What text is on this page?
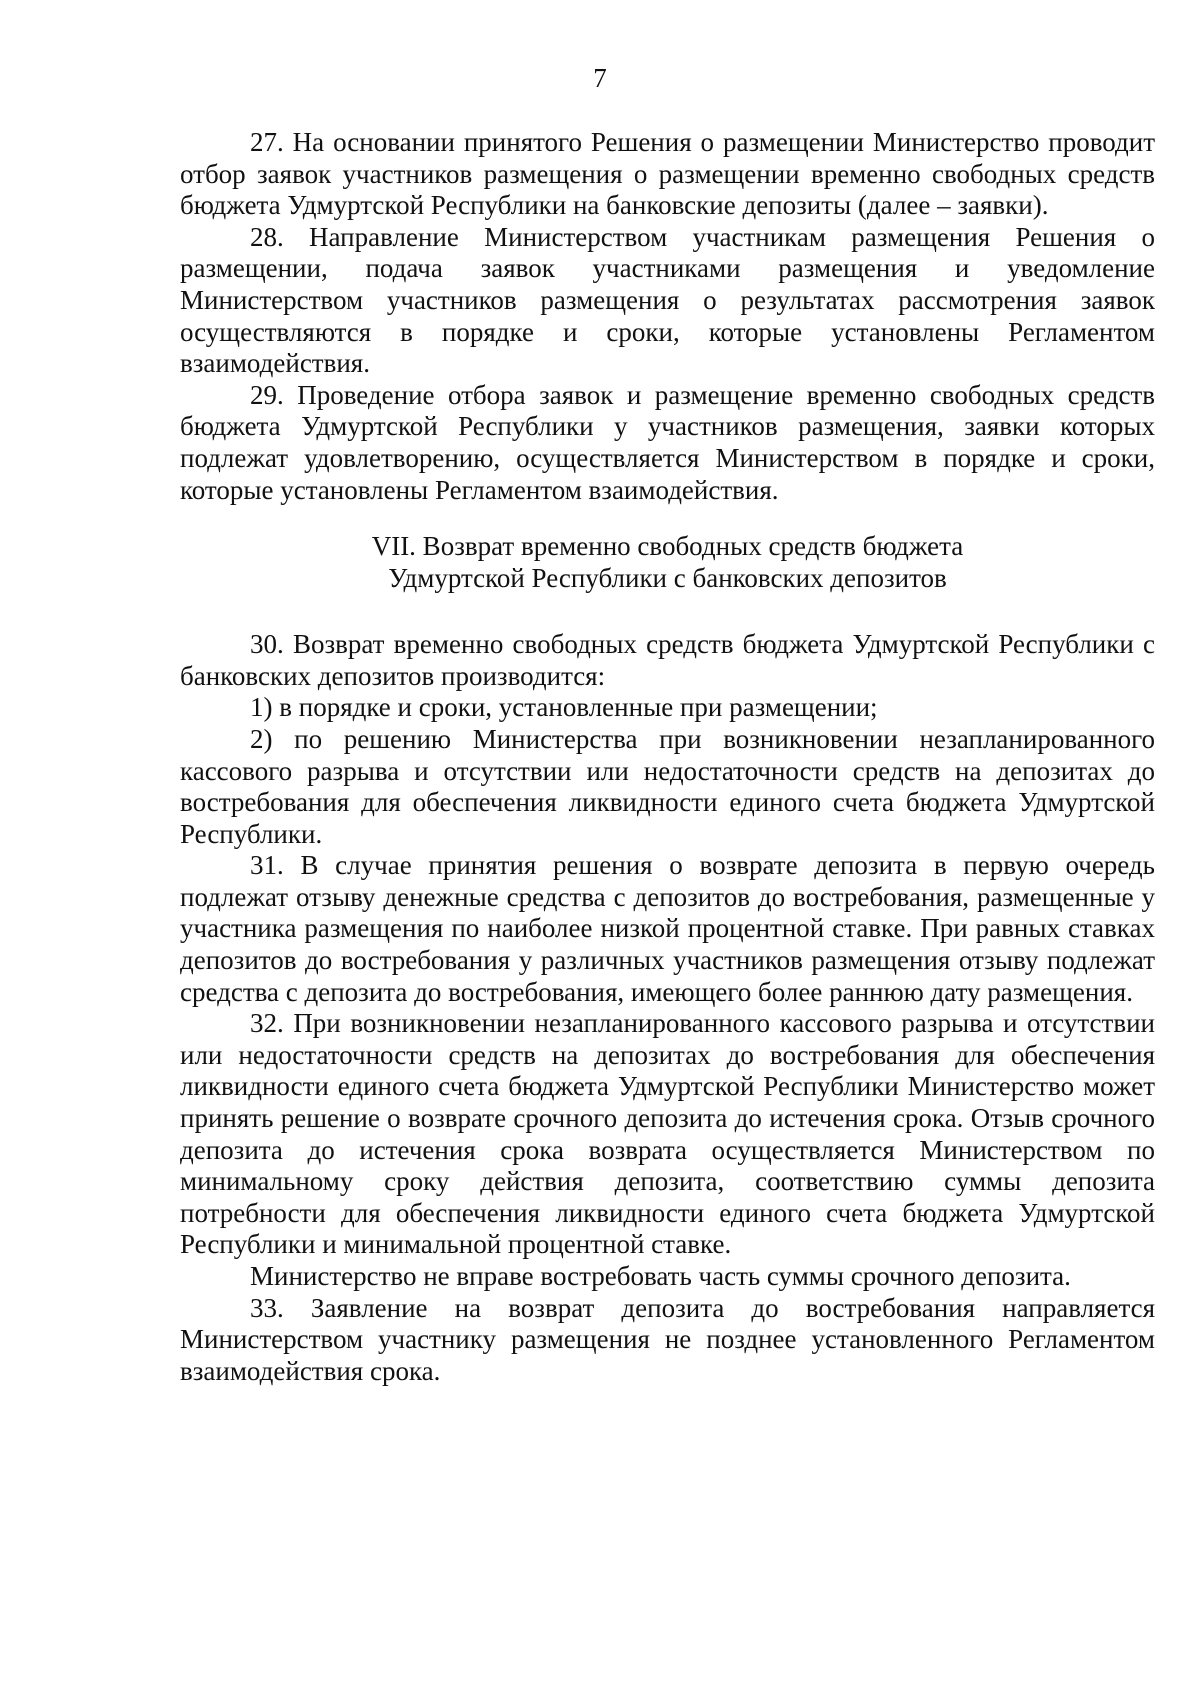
7

27. На основании принятого Решения о размещении Министерство проводит отбор заявок участников размещения о размещении временно свободных средств бюджета Удмуртской Республики на банковские депозиты (далее – заявки).

28. Направление Министерством участникам размещения Решения о размещении, подача заявок участниками размещения и уведомление Министерством участников размещения о результатах рассмотрения заявок осуществляются в порядке и сроки, которые установлены Регламентом взаимодействия.

29. Проведение отбора заявок и размещение временно свободных средств бюджета Удмуртской Республики у участников размещения, заявки которых подлежат удовлетворению, осуществляется Министерством в порядке и сроки, которые установлены Регламентом взаимодействия.

VII. Возврат временно свободных средств бюджета
Удмуртской Республики с банковских депозитов

30. Возврат временно свободных средств бюджета Удмуртской Республики с банковских депозитов производится:

1) в порядке и сроки, установленные при размещении;

2) по решению Министерства при возникновении незапланированного кассового разрыва и отсутствии или недостаточности средств на депозитах до востребования для обеспечения ликвидности единого счета бюджета Удмуртской Республики.

31. В случае принятия решения о возврате депозита в первую очередь подлежат отзыву денежные средства с депозитов до востребования, размещенные у участника размещения по наиболее низкой процентной ставке. При равных ставках депозитов до востребования у различных участников размещения отзыву подлежат средства с депозита до востребования, имеющего более раннюю дату размещения.

32. При возникновении незапланированного кассового разрыва и отсутствии или недостаточности средств на депозитах до востребования для обеспечения ликвидности единого счета бюджета Удмуртской Республики Министерство может принять решение о возврате срочного депозита до истечения срока. Отзыв срочного депозита до истечения срока возврата осуществляется Министерством по минимальному сроку действия депозита, соответствию суммы депозита потребности для обеспечения ликвидности единого счета бюджета Удмуртской Республики и минимальной процентной ставке.

Министерство не вправе востребовать часть суммы срочного депозита.

33. Заявление на возврат депозита до востребования направляется Министерством участнику размещения не позднее установленного Регламентом взаимодействия срока.
